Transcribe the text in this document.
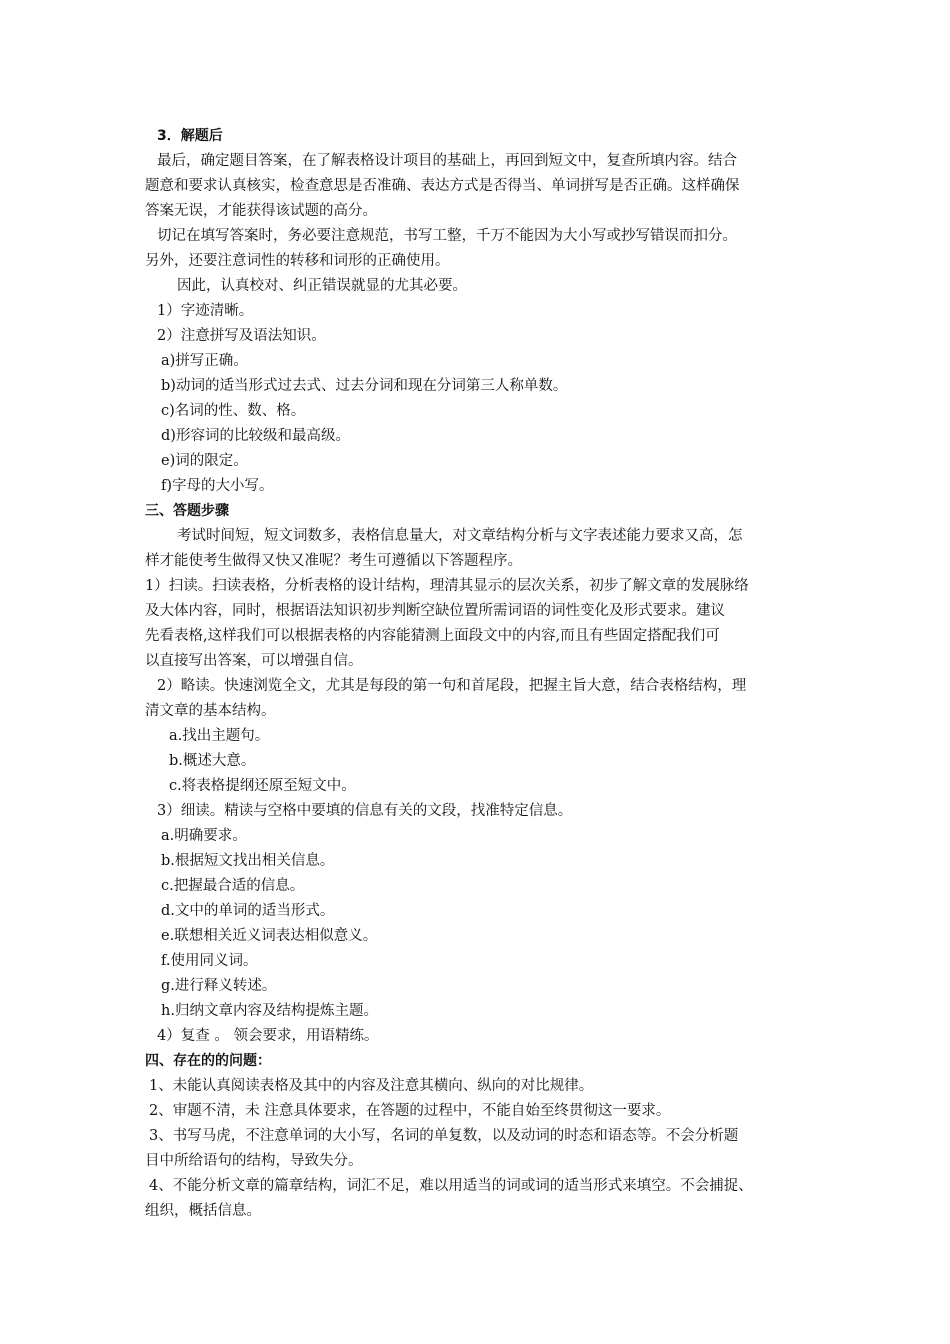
3．解题后
最后，确定题目答案，在了解表格设计项目的基础上，再回到短文中，复查所填内容。结合
题意和要求认真核实，检查意思是否准确、表达方式是否得当、单词拼写是否正确。这样确保
答案无误，才能获得该试题的高分。
切记在填写答案时，务必要注意规范，书写工整，千万不能因为大小写或抄写错误而扣分。
另外，还要注意词性的转移和词形的正确使用。
因此，认真校对、纠正错误就显的尤其必要。
1）字迹清晰。
2）注意拼写及语法知识。
a)拼写正确。
b)动词的适当形式过去式、过去分词和现在分词第三人称单数。
c)名词的性、数、格。
d)形容词的比较级和最高级。
e)词的限定。
f)字母的大小写。
三、答题步骤
考试时间短，短文词数多，表格信息量大，对文章结构分析与文字表述能力要求又高，怎
样才能使考生做得又快又准呢？考生可遵循以下答题程序。
1）扫读。扫读表格，分析表格的设计结构，理清其显示的层次关系，初步了解文章的发展脉络
及大体内容，同时，根据语法知识初步判断空缺位置所需词语的词性变化及形式要求。建议
先看表格,这样我们可以根据表格的内容能猜测上面段文中的内容,而且有些固定搭配我们可
以直接写出答案，可以增强自信。
2）略读。快速浏览全文，尤其是每段的第一句和首尾段，把握主旨大意，结合表格结构，理
清文章的基本结构。
a.找出主题句。
b.概述大意。
c.将表格提纲还原至短文中。
3）细读。精读与空格中要填的信息有关的文段，找准特定信息。
a.明确要求。
b.根据短文找出相关信息。
c.把握最合适的信息。
d.文中的单词的适当形式。
e.联想相关近义词表达相似意义。
f.使用同义词。
g.进行释义转述。
h.归纳文章内容及结构提炼主题。
4）复查 。 领会要求，用语精练。
四、存在的的问题：
1、未能认真阅读表格及其中的内容及注意其横向、纵向的对比规律。
2、审题不清，未 注意具体要求，在答题的过程中，不能自始至终贯彻这一要求。
3、书写马虎，不注意单词的大小写，名词的单复数，以及动词的时态和语态等。不会分析题
目中所给语句的结构，导致失分。
4、不能分析文章的篇章结构，词汇不足，难以用适当的词或词的适当形式来填空。不会捕捉、
组织，概括信息。
